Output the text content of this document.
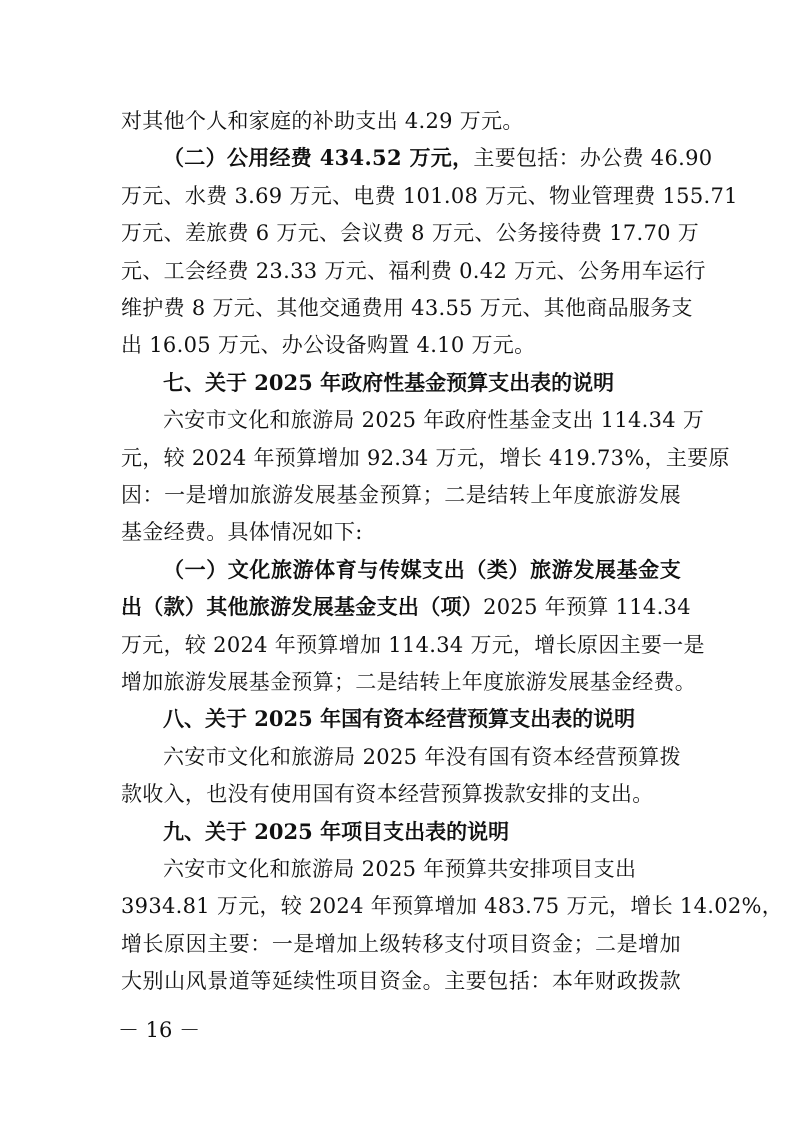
对其他个人和家庭的补助支出 4.29 万元。
（二）公用经费 434.52 万元，主要包括：办公费 46.90
万元、水费 3.69 万元、电费 101.08 万元、物业管理费 155.71
万元、差旅费 6 万元、会议费 8 万元、公务接待费 17.70 万
元、工会经费 23.33 万元、福利费 0.42 万元、公务用车运行
维护费 8 万元、其他交通费用 43.55 万元、其他商品服务支
出 16.05 万元、办公设备购置 4.10 万元。
七、关于 2025 年政府性基金预算支出表的说明
六安市文化和旅游局 2025 年政府性基金支出 114.34 万
元，较 2024 年预算增加 92.34 万元，增长 419.73%，主要原
因：一是增加旅游发展基金预算；二是结转上年度旅游发展
基金经费。具体情况如下:
（一）文化旅游体育与传媒支出（类）旅游发展基金支
出（款）其他旅游发展基金支出（项）2025 年预算 114.34
万元，较 2024 年预算增加 114.34 万元，增长原因主要一是
增加旅游发展基金预算；二是结转上年度旅游发展基金经费。
八、关于 2025 年国有资本经营预算支出表的说明
六安市文化和旅游局 2025 年没有国有资本经营预算拨
款收入，也没有使用国有资本经营预算拨款安排的支出。
九、关于 2025 年项目支出表的说明
六安市文化和旅游局 2025 年预算共安排项目支出
3934.81 万元，较 2024 年预算增加 483.75 万元，增长 14.02%，
－ 16 －
增长原因主要：一是增加上级转移支付项目资金；二是增加
大别山风景道等延续性项目资金。主要包括：本年财政拨款
